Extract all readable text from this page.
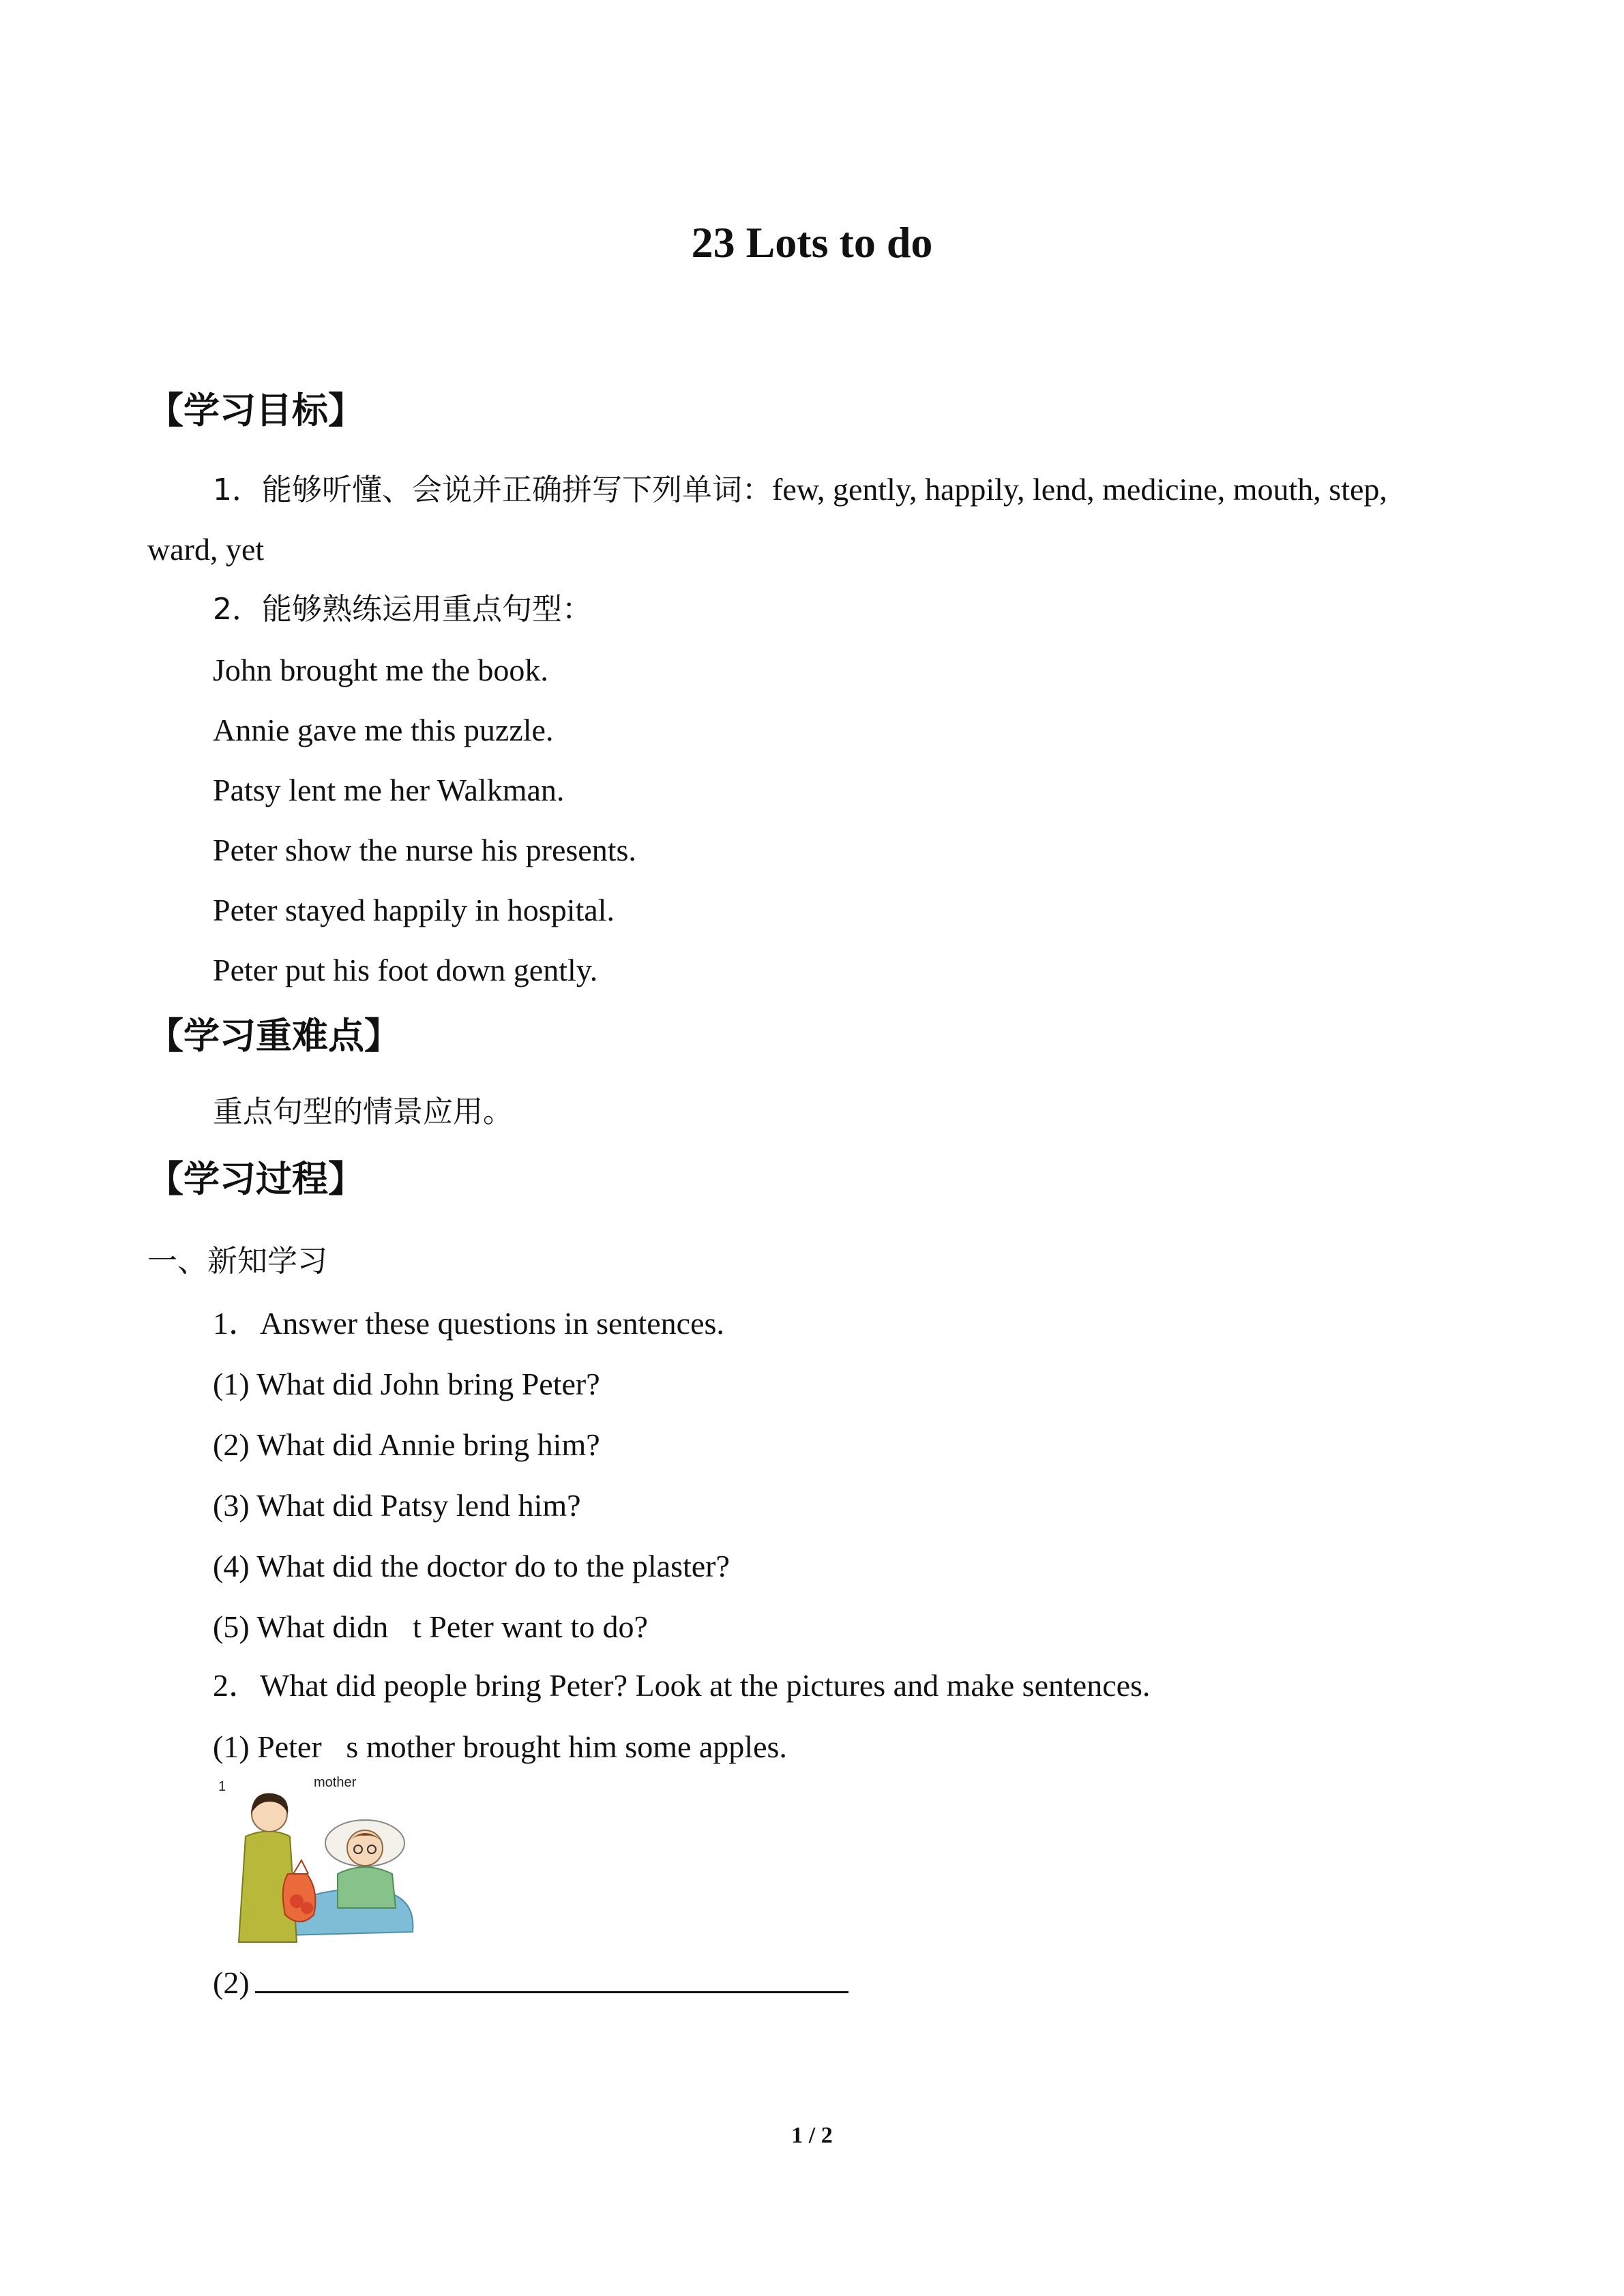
23 Lots to do
【学习目标】
1．能够听懂、会说并正确拼写下列单词：few, gently, happily, lend, medicine, mouth, step,
ward, yet
2．能够熟练运用重点句型：
John brought me the book.
Annie gave me this puzzle.
Patsy lent me her Walkman.
Peter show the nurse his presents.
Peter stayed happily in hospital.
Peter put his foot down gently.
【学习重难点】
重点句型的情景应用。
【学习过程】
一、新知学习
1．Answer these questions in sentences.
(1) What did John bring Peter?
(2) What did Annie bring him?
(3) What did Patsy lend him?
(4) What did the doctor do to the plaster?
(5) What didn t Peter want to do?
2．What did people bring Peter? Look at the pictures and make sentences.
(1) Peter s mother brought him some apples.
1	mother
(2)
1 / 2
